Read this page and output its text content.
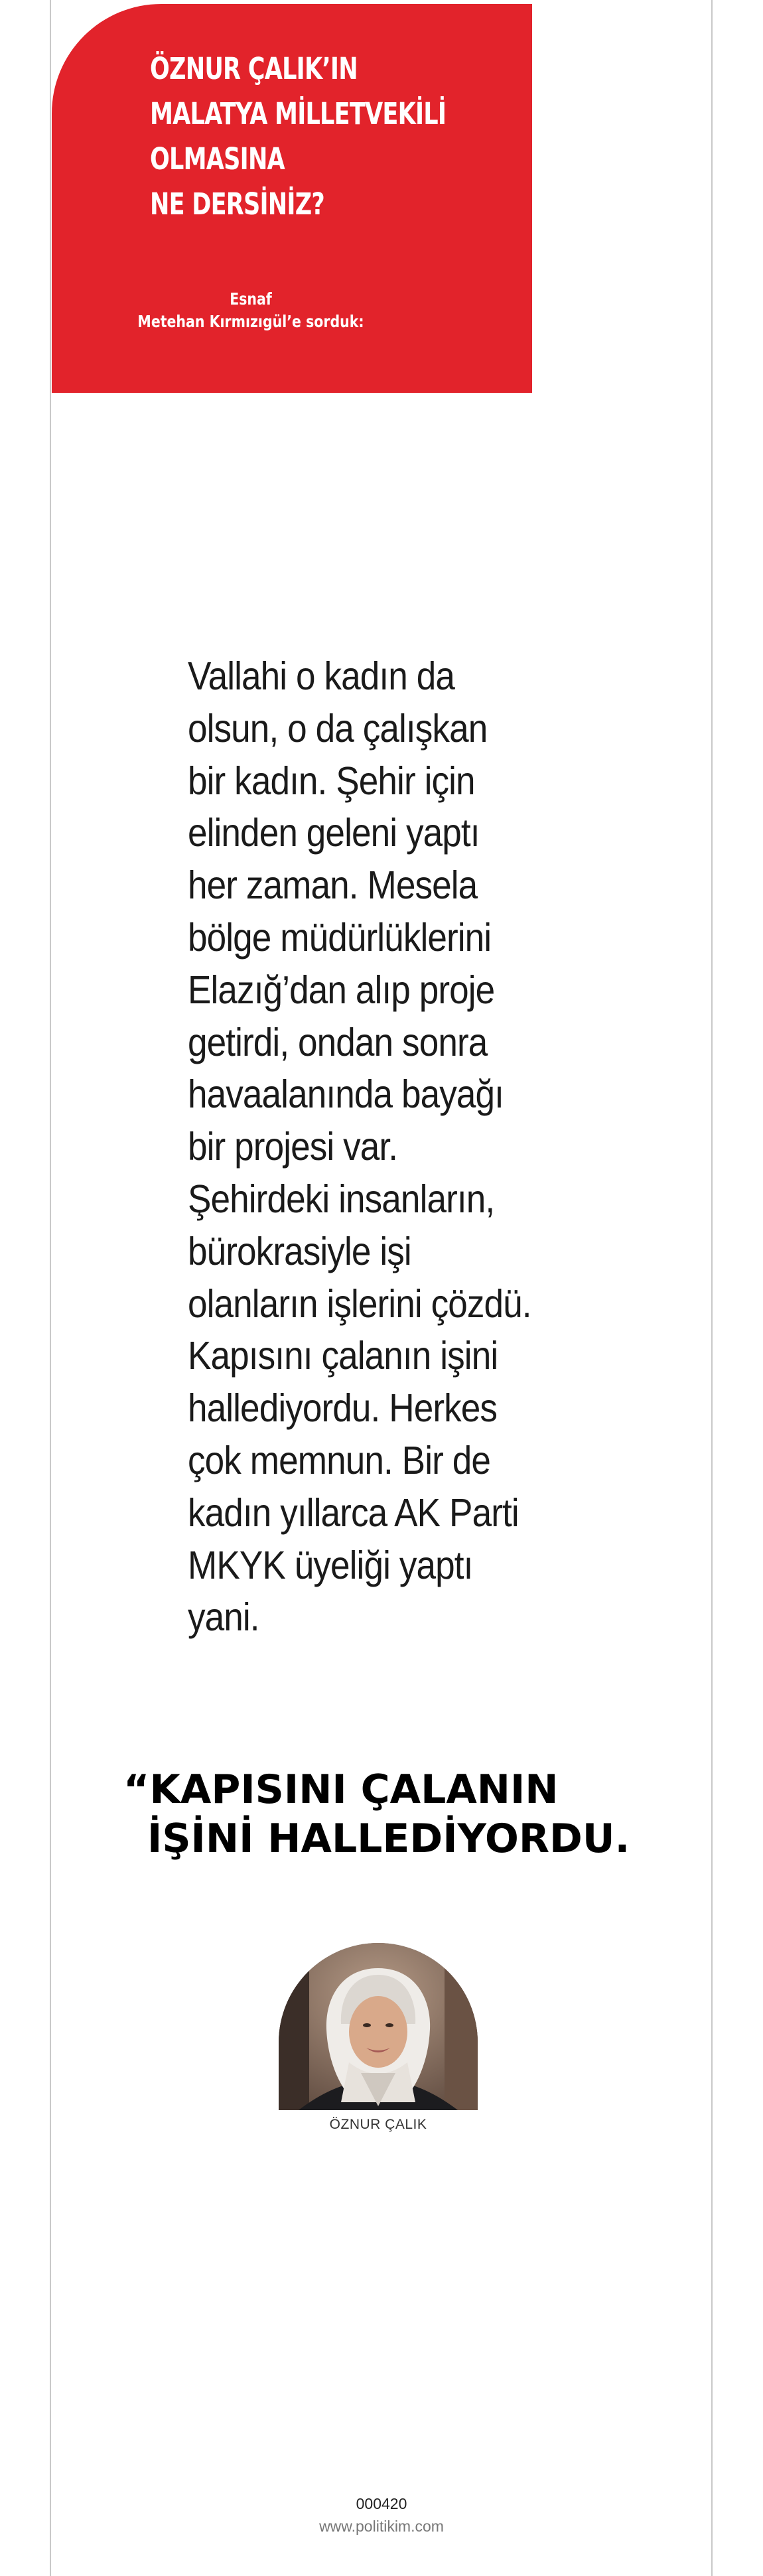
ÖZNUR ÇALIK’IN
MALATYA MİLLETVEKİLİ
OLMASINA
NE DERSİNİZ?
Esnaf
Metehan Kırmızıgül’e sorduk:
Vallahi o kadın da
olsun, o da çalışkan
bir kadın. Şehir için
elinden geleni yaptı
her zaman. Mesela
bölge müdürlüklerini
Elazığ’dan alıp proje
getirdi, ondan sonra
havaalanında bayağı
bir projesi var.
Şehirdeki insanların,
bürokrasiyle işi
olanların işlerini çözdü.
Kapısını çalanın işini
hallediyordu. Herkes
çok memnun. Bir de
kadın yıllarca AK Parti
MKYK üyeliği yaptı
yani.
“KAPISINI ÇALANIN
İŞİNİ HALLEDİYORDU.
ÖZNUR ÇALIK
000420
www.politikim.com
